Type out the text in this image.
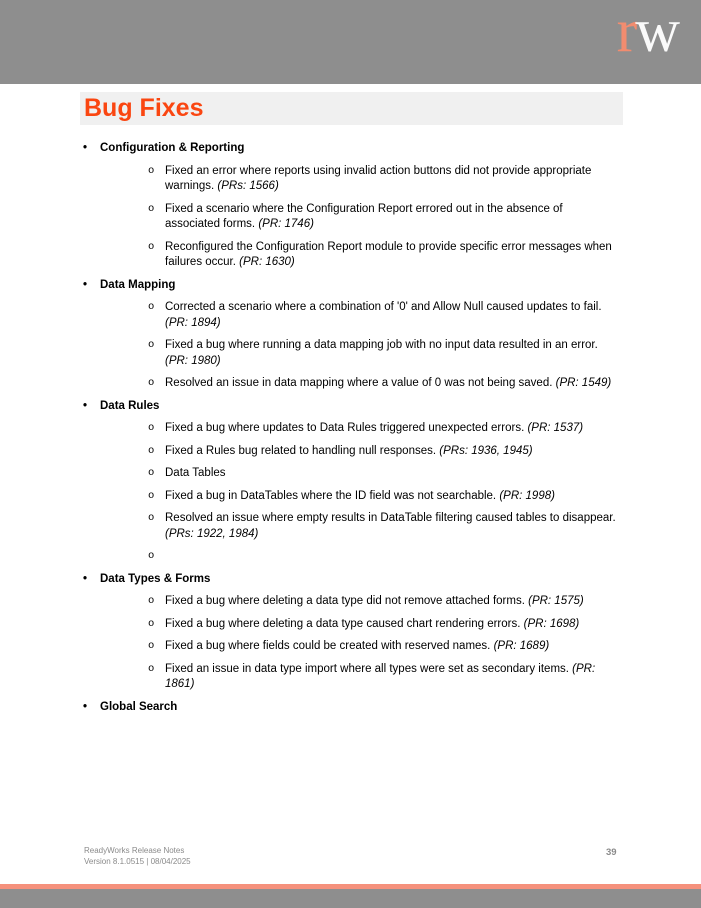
rw
Bug Fixes
•	Configuration & Reporting
o Fixed an error where reports using invalid action buttons did not provide appropriate warnings. (PRs: 1566)
o Fixed a scenario where the Configuration Report errored out in the absence of associated forms. (PR: 1746)
o Reconfigured the Configuration Report module to provide specific error messages when failures occur. (PR: 1630)
•	Data Mapping
o Corrected a scenario where a combination of '0' and Allow Null caused updates to fail. (PR: 1894)
o Fixed a bug where running a data mapping job with no input data resulted in an error. (PR: 1980)
o Resolved an issue in data mapping where a value of 0 was not being saved. (PR: 1549)
•	Data Rules
o Fixed a bug where updates to Data Rules triggered unexpected errors. (PR: 1537)
o Fixed a Rules bug related to handling null responses. (PRs: 1936, 1945)
o Data Tables
o Fixed a bug in DataTables where the ID field was not searchable. (PR: 1998)
o Resolved an issue where empty results in DataTable filtering caused tables to disappear. (PRs: 1922, 1984)
o
•	Data Types & Forms
o Fixed a bug where deleting a data type did not remove attached forms. (PR: 1575)
o Fixed a bug where deleting a data type caused chart rendering errors. (PR: 1698)
o Fixed a bug where fields could be created with reserved names. (PR: 1689)
o Fixed an issue in data type import where all types were set as secondary items. (PR: 1861)
•	Global Search
ReadyWorks Release Notes
Version 8.1.0515 | 08/04/2025
39
